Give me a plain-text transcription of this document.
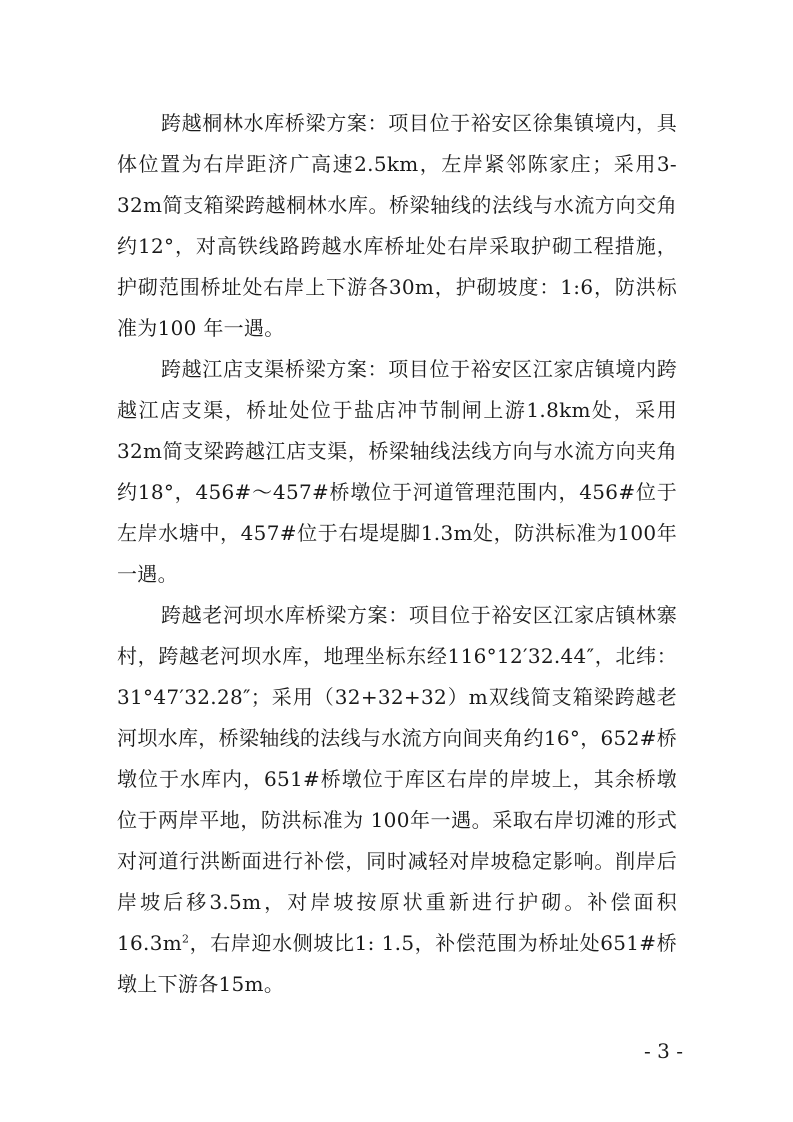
跨越桐林水库桥梁方案：项目位于裕安区徐集镇境内，具体位置为右岸距济广高速2.5km，左岸紧邻陈家庄；采用3-32m简支箱梁跨越桐林水库。桥梁轴线的法线与水流方向交角约12°，对高铁线路跨越水库桥址处右岸采取护砌工程措施，护砌范围桥址处右岸上下游各30m，护砌坡度：1:6，防洪标准为100 年一遇。

跨越江店支渠桥梁方案：项目位于裕安区江家店镇境内跨越江店支渠，桥址处位于盐店冲节制闸上游1.8km处，采用32m简支梁跨越江店支渠，桥梁轴线法线方向与水流方向夹角约18°，456#～457#桥墩位于河道管理范围内，456#位于左岸水塘中，457#位于右堤堤脚1.3m处，防洪标准为100年一遇。

跨越老河坝水库桥梁方案：项目位于裕安区江家店镇林寨村，跨越老河坝水库，地理坐标东经116°12′32.44″，北纬：31°47′32.28″；采用（32+32+32）m双线简支箱梁跨越老河坝水库，桥梁轴线的法线与水流方向间夹角约16°，652#桥墩位于水库内，651#桥墩位于库区右岸的岸坡上，其余桥墩位于两岸平地，防洪标准为 100年一遇。采取右岸切滩的形式对河道行洪断面进行补偿，同时减轻对岸坡稳定影响。削岸后岸坡后移3.5m，对岸坡按原状重新进行护砌。补偿面积$16.3m^2$，右岸迎水侧坡比1: 1.5，补偿范围为桥址处651#桥墩上下游各15m。

- 3 -
